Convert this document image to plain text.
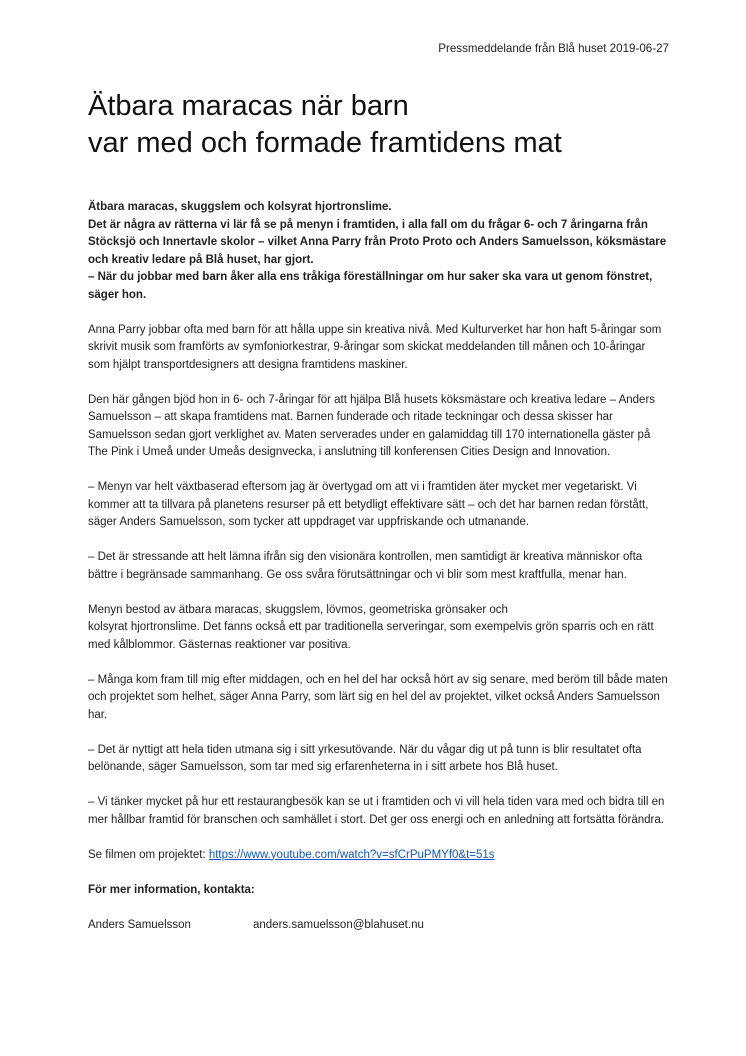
Pressmeddelande från Blå huset 2019-06-27
Ätbara maracas när barn
var med och formade framtidens mat

Ätbara maracas, skuggslem och kolsyrat hjortronslime.
Det är några av rätterna vi lär få se på menyn i framtiden, i alla fall om du frågar 6- och 7 åringarna från Stöcksjö och Innertavle skolor – vilket Anna Parry från Proto Proto och Anders Samuelsson, köksmästare och kreativ ledare på Blå huset, har gjort.
– När du jobbar med barn åker alla ens tråkiga föreställningar om hur saker ska vara ut genom fönstret, säger hon.

Anna Parry jobbar ofta med barn för att hålla uppe sin kreativa nivå. Med Kulturverket har hon haft 5-åringar som skrivit musik som framförts av symfoniorkestrar, 9-åringar som skickat meddelanden till månen och 10-åringar som hjälpt transportdesigners att designa framtidens maskiner.

Den här gången bjöd hon in 6- och 7-åringar för att hjälpa Blå husets köksmästare och kreativa ledare – Anders Samuelsson – att skapa framtidens mat. Barnen funderade och ritade teckningar och dessa skisser har Samuelsson sedan gjort verklighet av. Maten serverades under en galamiddag till 170 internationella gäster på The Pink i Umeå under Umeås designvecka, i anslutning till konferensen Cities Design and Innovation.

– Menyn var helt växtbaserad eftersom jag är övertygad om att vi i framtiden äter mycket mer vegetariskt. Vi kommer att ta tillvara på planetens resurser på ett betydligt effektivare sätt – och det har barnen redan förstått, säger Anders Samuelsson, som tycker att uppdraget var uppfriskande och utmanande.

– Det är stressande att helt lämna ifrån sig den visionära kontrollen, men samtidigt är kreativa människor ofta bättre i begränsade sammanhang. Ge oss svåra förutsättningar och vi blir som mest kraftfulla, menar han.

Menyn bestod av ätbara maracas, skuggslem, lövmos, geometriska grönsaker och
kolsyrat hjortronslime. Det fanns också ett par traditionella serveringar, som exempelvis grön sparris och en rätt med kålblommor. Gästernas reaktioner var positiva.

– Många kom fram till mig efter middagen, och en hel del har också hört av sig senare, med beröm till både maten och projektet som helhet, säger Anna Parry, som lärt sig en hel del av projektet, vilket också Anders Samuelsson har.

– Det är nyttigt att hela tiden utmana sig i sitt yrkesutövande. När du vågar dig ut på tunn is blir resultatet ofta belönande, säger Samuelsson, som tar med sig erfarenheterna in i sitt arbete hos Blå huset.

– Vi tänker mycket på hur ett restaurangbesök kan se ut i framtiden och vi vill hela tiden vara med och bidra till en mer hållbar framtid för branschen och samhället i stort. Det ger oss energi och en anledning att fortsätta förändra.

Se filmen om projektet: https://www.youtube.com/watch?v=sfCrPuPMYf0&t=51s

För mer information, kontakta:

Anders Samuelsson	anders.samuelsson@blahuset.nu
